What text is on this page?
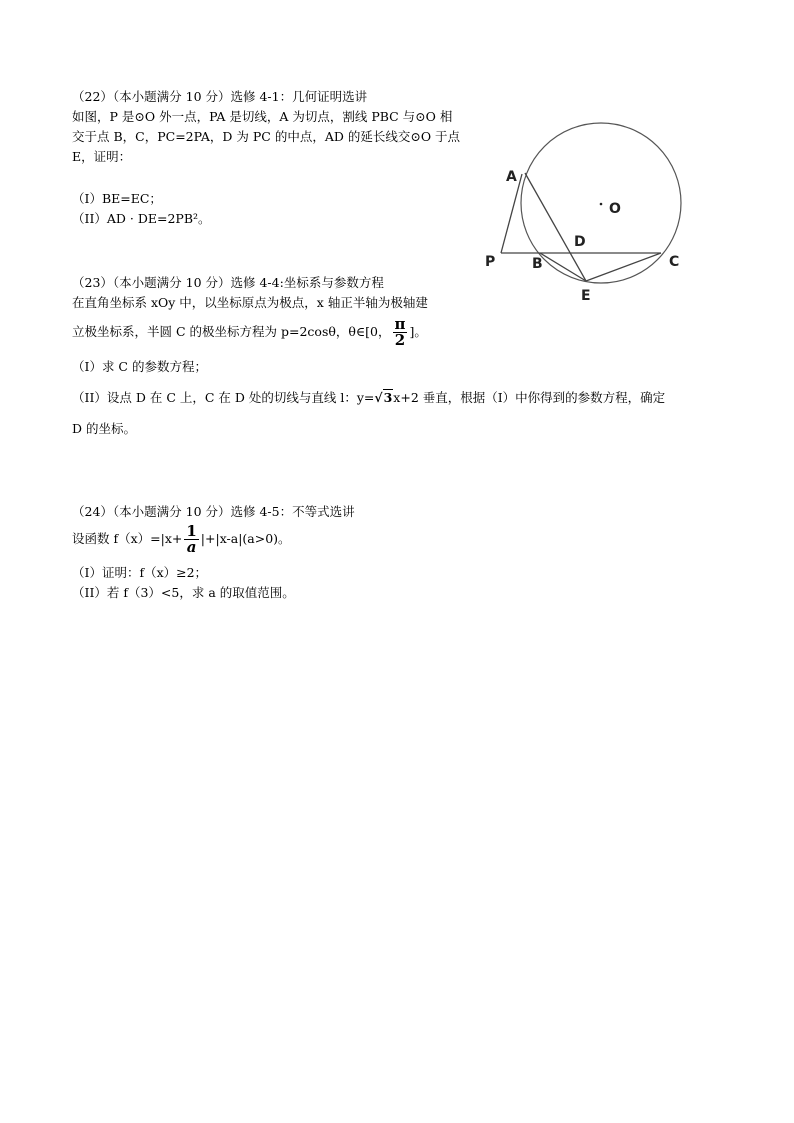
（22）（本小题满分 10 分）选修 4-1：几何证明选讲
如图，P 是⊙O 外一点，PA 是切线，A 为切点，割线 PBC 与⊙O 相
交于点 B，C，PC=2PA，D 为 PC 的中点，AD 的延长线交⊙O 于点
E，证明：
（I）BE=EC；
（II）AD · DE=2PB²。
A
O
D
P	B	C
E
（23）（本小题满分 10 分）选修 4-4:坐标系与参数方程
在直角坐标系 xOy 中，以坐标原点为极点，x 轴正半轴为极轴建
立极坐标系，半圆 C 的极坐标方程为 p=2cosθ，θ∈[0， $\frac{\pi}{2}$ ]。
（I）求 C 的参数方程；
（II）设点 D 在 C 上，C 在 D 处的切线与直线 l：y=√3x+2 垂直，根据（I）中你得到的参数方程，确定
D 的坐标。
（24）（本小题满分 10 分）选修 4-5：不等式选讲
设函数 $f(x)=|x+ \frac{1}{a} |+|x-a|(a>0)$。
（I）证明：f（x）≥2；
（II）若 f（3）<5，求 a 的取值范围。
